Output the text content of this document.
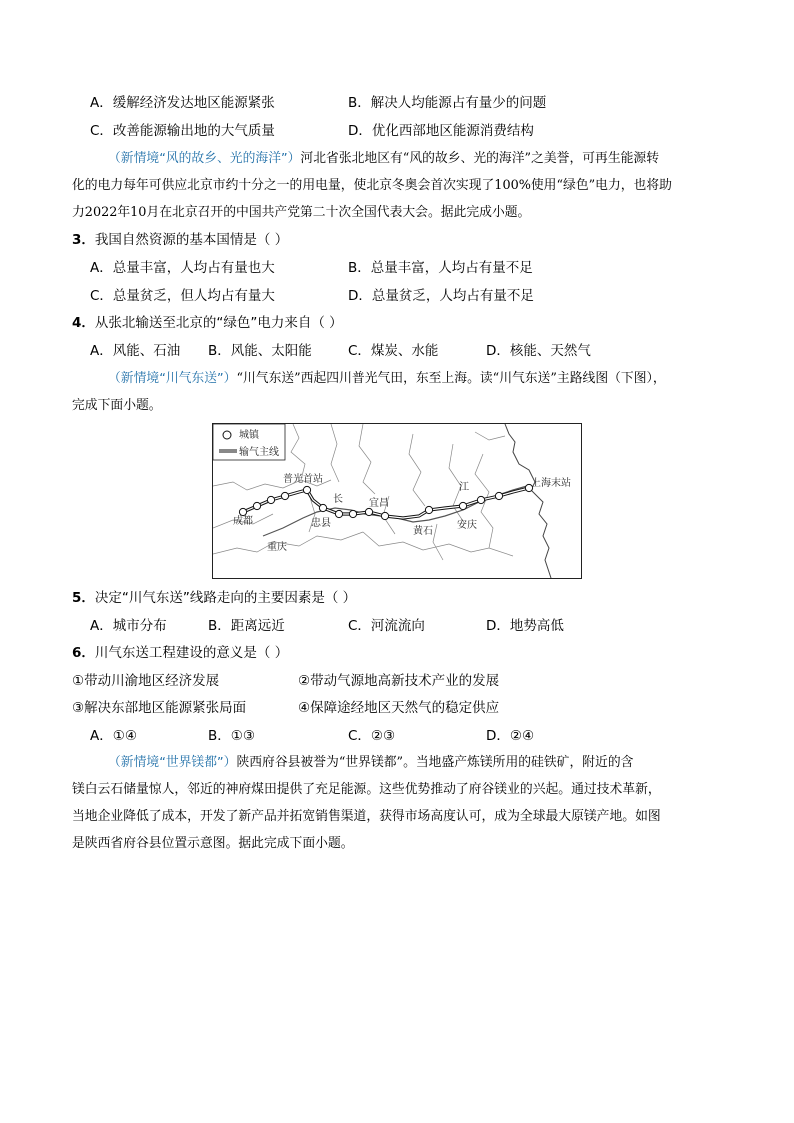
A．缓解经济发达地区能源紧张	B．解决人均能源占有量少的问题
C．改善能源输出地的大气质量	D．优化西部地区能源消费结构
（新情境“风的故乡、光的海洋”）河北省张北地区有“风的故乡、光的海洋”之美誉，可再生能源转
化的电力每年可供应北京市约十分之一的用电量，使北京冬奥会首次实现了100%使用“绿色”电力，也将助
力2022年10月在北京召开的中国共产党第二十次全国代表大会。据此完成小题。
3．我国自然资源的基本国情是（ ）
A．总量丰富，人均占有量也大	B．总量丰富，人均占有量不足
C．总量贫乏，但人均占有量大	D．总量贫乏，人均占有量不足
4．从张北输送至北京的“绿色”电力来自（ ）
A．风能、石油 B．风能、太阳能	C．煤炭、水能	D．核能、天然气
（新情境“川气东送”）“川气东送”西起四川普光气田，东至上海。读“川气东送”主路线图（下图），
完成下面小题。
普光首站
成都
重庆
忠县
宜昌
黄石
安庆
上海末站
长
江
城镇
输气主线
5．决定“川气东送”线路走向的主要因素是（ ）
A．城市分布	B．距离远近	C．河流流向	D．地势高低
6．川气东送工程建设的意义是（ ）
①带动川渝地区经济发展	②带动气源地高新技术产业的发展
③解决东部地区能源紧张局面	④保障途经地区天然气的稳定供应
A．①④	B．①③	C．②③	D．②④
（新情境“世界镁都”）陕西府谷县被誉为“世界镁都”。当地盛产炼镁所用的硅铁矿，附近的含
镁白云石储量惊人，邻近的神府煤田提供了充足能源。这些优势推动了府谷镁业的兴起。通过技术革新，
当地企业降低了成本，开发了新产品并拓宽销售渠道，获得市场高度认可，成为全球最大原镁产地。如图
是陕西省府谷县位置示意图。据此完成下面小题。
